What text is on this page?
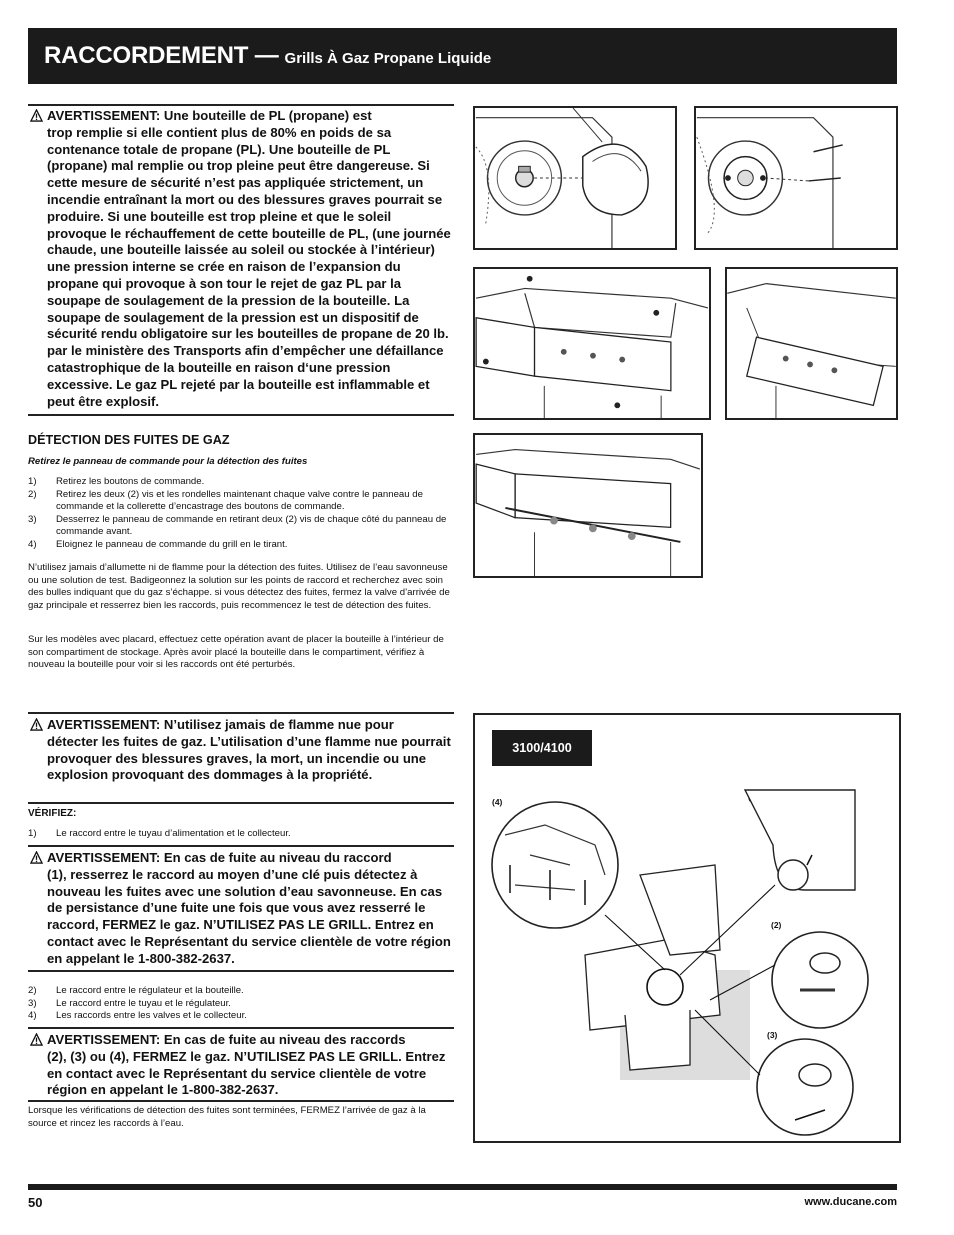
RACCORDEMENT — Grills À Gaz Propane Liquide
AVERTISSEMENT: Une bouteille de PL (propane) est
trop remplie si elle contient plus de 80% en poids de sa contenance totale de propane (PL). Une bouteille de PL (propane) mal remplie ou trop pleine peut être dangereuse. Si cette mesure de sécurité n’est pas appliquée strictement, un incendie entraînant la mort ou des blessures graves pourrait se produire. Si une bouteille est trop pleine et que le soleil provoque le réchauffement de cette bouteille de PL, (une journée chaude, une bouteille laissée au soleil ou stockée à l’intérieur) une pression interne se crée en raison de l’expansion du propane qui provoque à son tour le rejet de gaz PL par la soupape de soulagement de la pression de la bouteille. La soupape de soulagement de la pression est un dispositif de sécurité rendu obligatoire sur les bouteilles de propane de 20 lb. par le ministère des Transports afin d’empêcher une défaillance catastrophique de la bouteille en raison d‘une pression excessive. Le gaz PL rejeté par la bouteille est inflammable et peut être explosif.
DÉTECTION DES FUITES DE GAZ
Retirez le panneau de commande pour la détection des fuites
1)	Retirez les boutons de commande.
2)	Retirez les deux (2) vis et les rondelles maintenant chaque valve contre le panneau de commande et la collerette d’encastrage des boutons de commande.
3)	Desserrez le panneau de commande en retirant deux (2) vis de chaque côté du panneau de commande avant.
4)	Eloignez le panneau de commande du grill en le tirant.
N’utilisez jamais d’allumette ni de flamme pour la détection des fuites. Utilisez de l’eau savonneuse ou une solution de test. Badigeonnez la solution sur les points de raccord et recherchez avec soin des bulles indiquant que du gaz s’échappe. si vous détectez des fuites, fermez la valve d’arrivée de gaz principale et resserrez bien les raccords, puis recommencez le test de détection des fuites.
Sur les modèles avec placard, effectuez cette opération avant de placer la bouteille à l’intérieur de son compartiment de stockage. Après avoir placé la bouteille dans le compartiment, vérifiez à nouveau la bouteille pour voir si les raccords ont été perturbés.
AVERTISSEMENT: N’utilisez jamais de flamme nue pour
détecter les fuites de gaz. L’utilisation d’une flamme nue pourrait provoquer des blessures graves, la mort, un incendie ou une explosion provoquant des dommages à la propriété.
VÉRIFIEZ:
1)	Le raccord entre le tuyau d’alimentation et le collecteur.
AVERTISSEMENT: En cas de fuite au niveau du raccord
(1), resserrez le raccord au moyen d’une clé puis détectez à nouveau les fuites avec une solution d’eau savonneuse. En cas de persistance d’une fuite une fois que vous avez resserré le raccord, FERMEZ le gaz. N’UTILISEZ PAS LE GRILL. Entrez en contact avec le Représentant du service clientèle de votre région en appelant le 1-800-382-2637.
2)	Le raccord entre le régulateur et la bouteille.
3)	Le raccord entre le tuyau et le régulateur.
4)	Les raccords entre les valves et le collecteur.
AVERTISSEMENT: En cas de fuite au niveau des raccords
(2), (3) ou (4), FERMEZ le gaz. N’UTILISEZ PAS LE GRILL. Entrez en contact avec le Représentant du service clientèle de votre région en appelant le 1-800-382-2637.
Lorsque les vérifications de détection des fuites sont terminées, FERMEZ l’arrivée de gaz à la source et rincez les raccords à l’eau.
3100/4100
(4)
(2)
(3)
50	www.ducane.com
